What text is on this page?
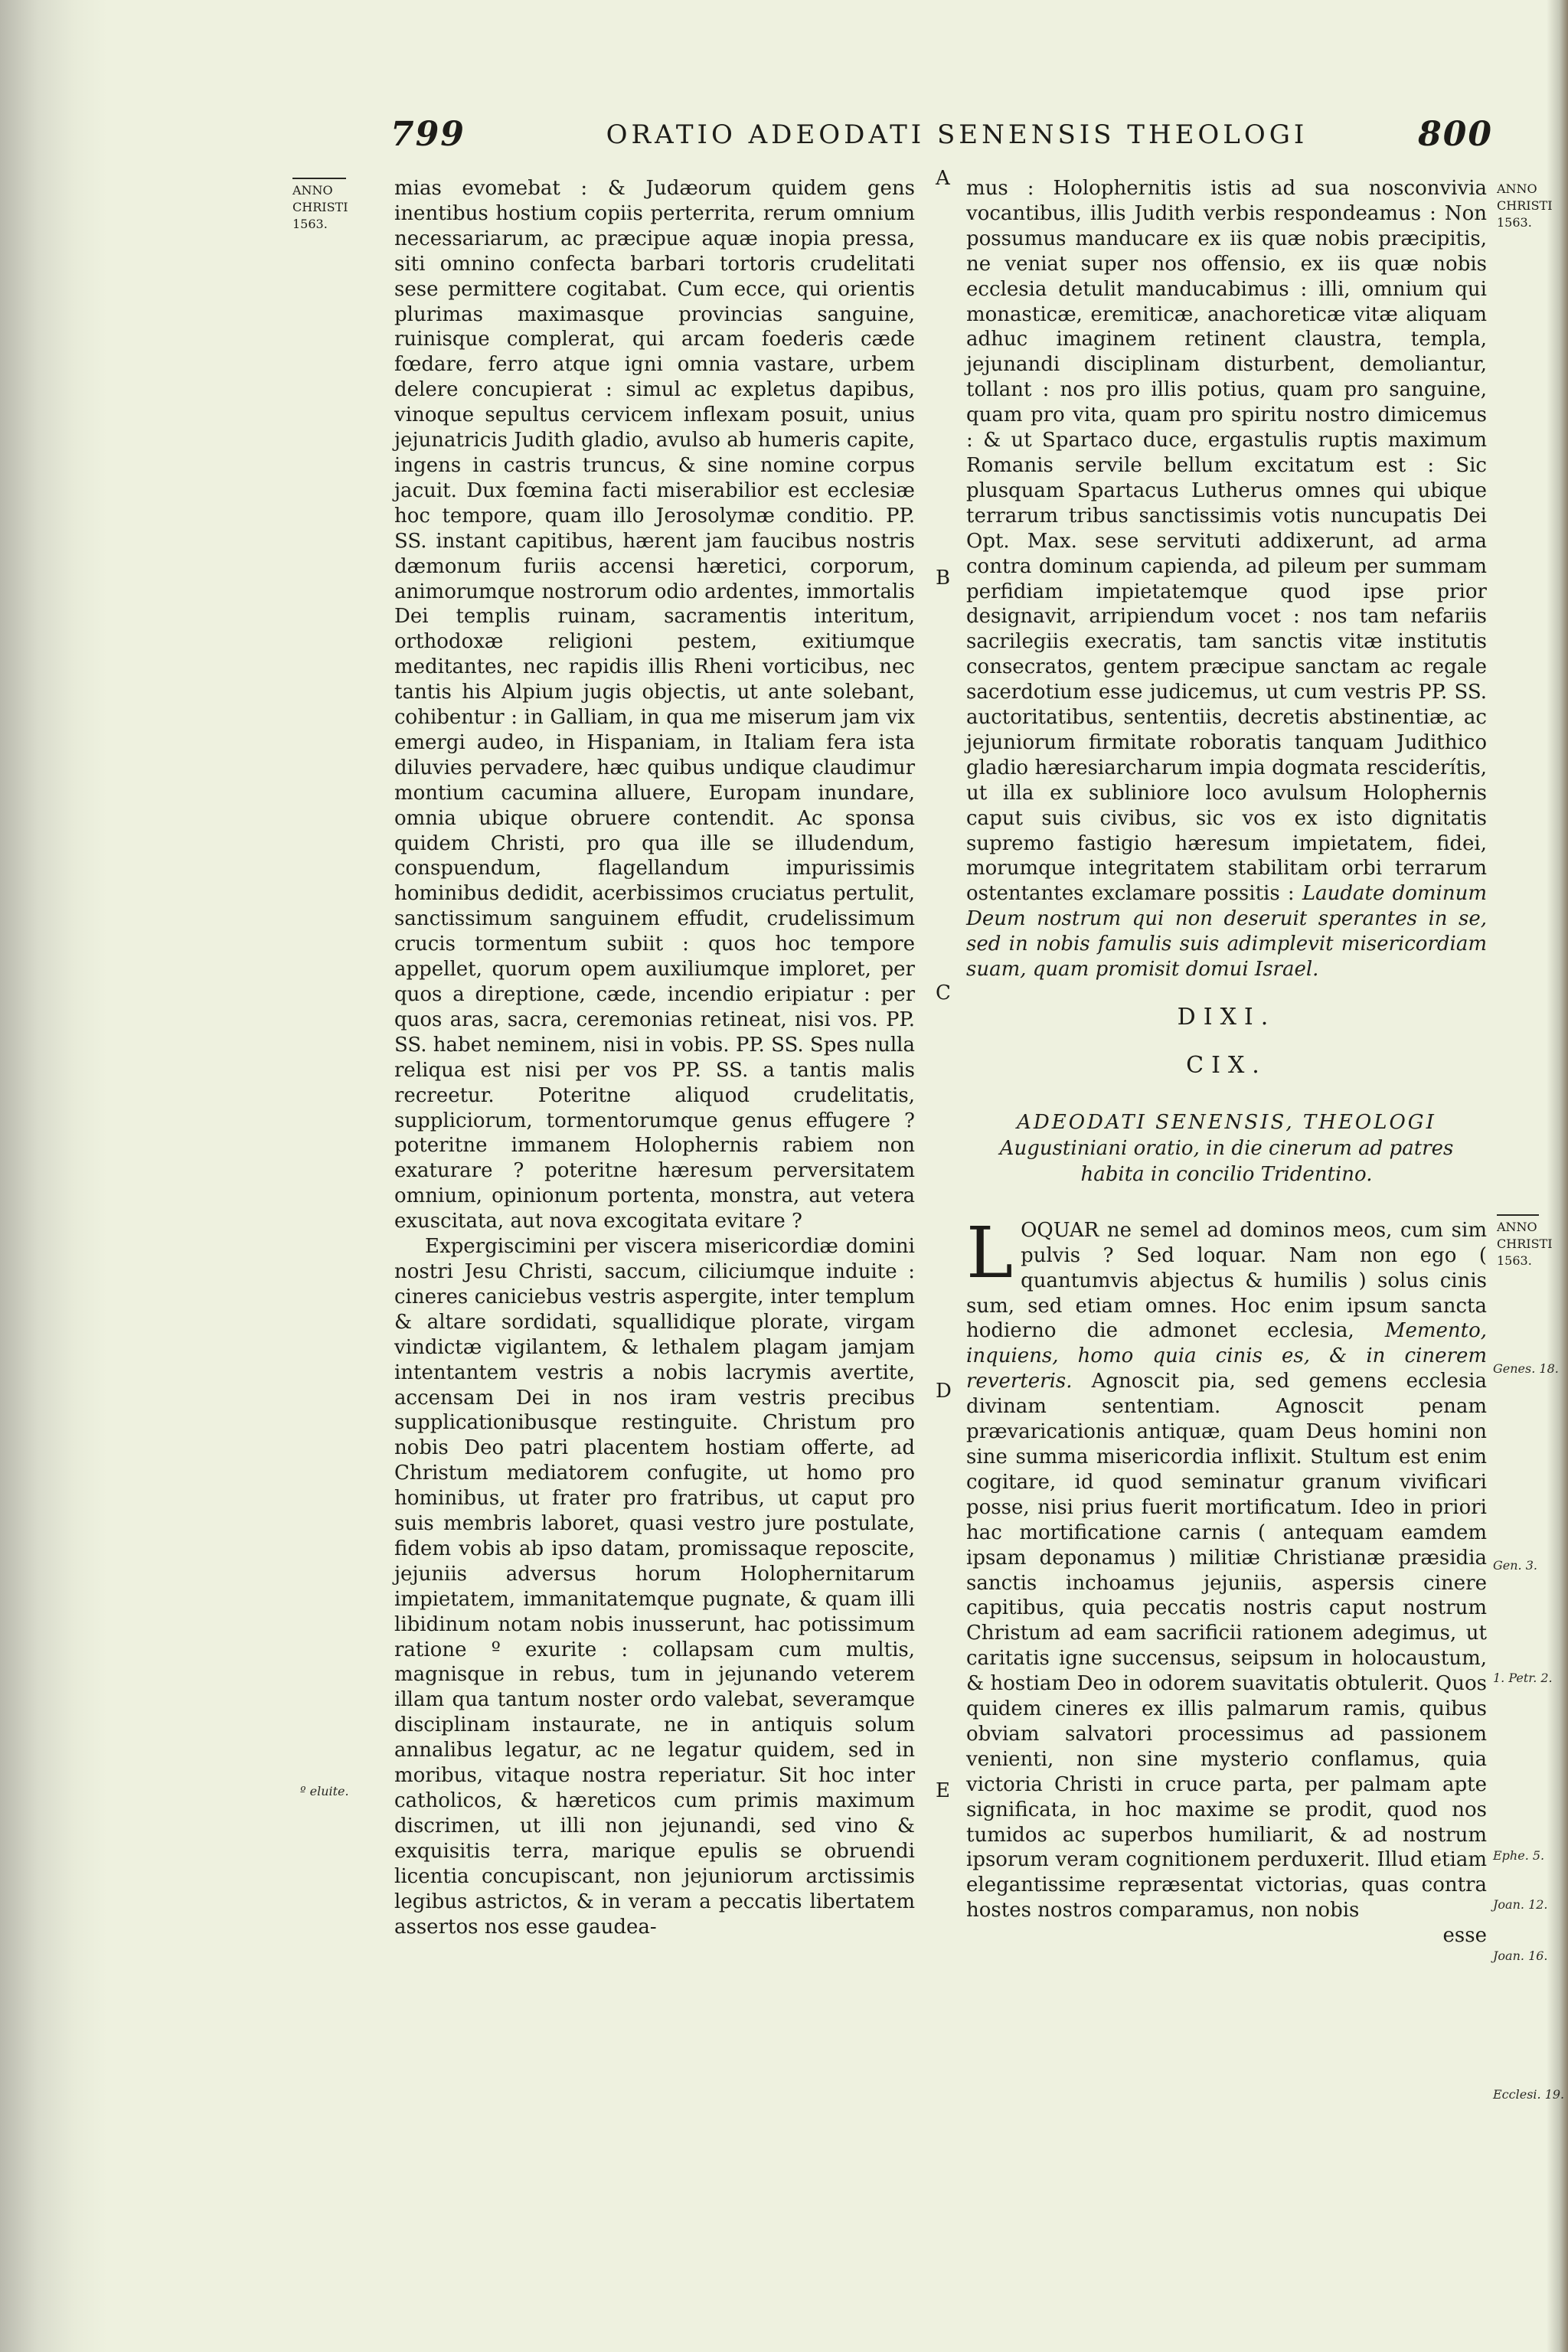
799	ORATIO ADEODATI SENENSIS THEOLOGI	800
ANNO CHRISTI 1563.
º eluite.
A
B
C
D
E

mias evomebat : & Judæorum quidem gens inentibus hostium copiis perterrita, rerum omnium necessariarum, ac præcipue aquæ inopia pressa, siti omnino confecta barbari tortoris crudelitati sese permittere cogitabat. Cum ecce, qui orientis plurimas maximasque provincias sanguine, ruinisque complerat, qui arcam foederis cæde fœdare, ferro atque igni omnia vastare, urbem delere concupierat : simul ac expletus dapibus, vinoque sepultus cervicem inflexam posuit, unius jejunatricis Judith gladio, avulso ab humeris capite, ingens in castris truncus, & sine nomine corpus jacuit. Dux fœmina facti miserabilior est ecclesiæ hoc tempore, quam illo Jerosolymæ conditio. PP. SS. instant capitibus, hærent jam faucibus nostris dæmonum furiis accensi hæretici, corporum, animorumque nostrorum odio ardentes, immortalis Dei templis ruinam, sacramentis interitum, orthodoxæ religioni pestem, exitiumque meditantes, nec rapidis illis Rheni vorticibus, nec tantis his Alpium jugis objectis, ut ante solebant, cohibentur : in Galliam, in qua me miserum jam vix emergi audeo, in Hispaniam, in Italiam fera ista diluvies pervadere, hæc quibus undique claudimur montium cacumina alluere, Europam inundare, omnia ubique obruere contendit. Ac sponsa quidem Christi, pro qua ille se illudendum, conspuendum, flagellandum impurissimis hominibus dedidit, acerbissimos cruciatus pertulit, sanctissimum sanguinem effudit, crudelissimum crucis tormentum subiit : quos hoc tempore appellet, quorum opem auxiliumque imploret, per quos a direptione, cæde, incendio eripiatur : per quos aras, sacra, ceremonias retineat, nisi vos. PP. SS. habet neminem, nisi in vobis. PP. SS. Spes nulla reliqua est nisi per vos PP. SS. a tantis malis recreetur. Poteritne aliquod crudelitatis, suppliciorum, tormentorumque genus effugere ? poteritne immanem Holophernis rabiem non exaturare ? poteritne hæresum perversitatem omnium, opinionum portenta, monstra, aut vetera exuscitata, aut nova excogitata evitare ?

Expergiscimini per viscera misericordiæ domini nostri Jesu Christi, saccum, ciliciumque induite : cineres caniciebus vestris aspergite, inter templum & altare sordidati, squallidique plorate, virgam vindictæ vigilantem, & lethalem plagam jamjam intentantem vestris a nobis lacrymis avertite, accensam Dei in nos iram vestris precibus supplicationibusque restinguite. Christum pro nobis Deo patri placentem hostiam offerte, ad Christum mediatorem confugite, ut homo pro hominibus, ut frater pro fratribus, ut caput pro suis membris laboret, quasi vestro jure postulate, fidem vobis ab ipso datam, promissaque reposcite, jejuniis adversus horum Holophernitarum impietatem, immanitatemque pugnate, & quam illi libidinum notam nobis inusserunt, hac potissimum ratione º exurite : collapsam cum multis, magnisque in rebus, tum in jejunando veterem illam qua tantum noster ordo valebat, severamque disciplinam instaurate, ne in antiquis solum annalibus legatur, ac ne legatur quidem, sed in moribus, vitaque nostra reperiatur. Sit hoc inter catholicos, & hæreticos cum primis maximum discrimen, ut illi non jejunandi, sed vino & exquisitis terra, marique epulis se obruendi licentia concupiscant, non jejuniorum arctissimis legibus astrictos, & in veram a peccatis libertatem assertos nos esse gaudea-

mus : Holophernitis istis ad sua nosconvivia vocantibus, illis Judith verbis respondeamus : Non possumus manducare ex iis quæ nobis præcipitis, ne veniat super nos offensio, ex iis quæ nobis ecclesia detulit manducabimus : illi, omnium qui monasticæ, eremiticæ, anachoreticæ vitæ aliquam adhuc imaginem retinent claustra, templa, jejunandi disciplinam disturbent, demoliantur, tollant : nos pro illis potius, quam pro sanguine, quam pro vita, quam pro spiritu nostro dimicemus : & ut Spartaco duce, ergastulis ruptis maximum Romanis servile bellum excitatum est : Sic plusquam Spartacus Lutherus omnes qui ubique terrarum tribus sanctissimis votis nuncupatis Dei Opt. Max. sese servituti addixerunt, ad arma contra dominum capienda, ad pileum per summam perfidiam impietatemque quod ipse prior designavit, arripiendum vocet : nos tam nefariis sacrilegiis execratis, tam sanctis vitæ institutis consecratos, gentem præcipue sanctam ac regale sacerdotium esse judicemus, ut cum vestris PP. SS. auctoritatibus, sententiis, decretis abstinentiæ, ac jejuniorum firmitate roboratis tanquam Judithico gladio hæresiarcharum impia dogmata resciderítis, ut illa ex subliniore loco avulsum Holophernis caput suis civibus, sic vos ex isto dignitatis supremo fastigio hæresum impietatem, fidei, morumque integritatem stabilitam orbi terrarum ostentantes exclamare possitis : Laudate dominum Deum nostrum qui non deseruit sperantes in se, sed in nobis famulis suis adimplevit misericordiam suam, quam promisit domui Israel.

DIXI.
CIX.
ADEODATI SENENSIS, THEOLOGI
Augustiniani oratio, in die cinerum ad patres habita in concilio Tridentino.

LOQUAR ne semel ad dominos meos, cum sim pulvis ? Sed loquar. Nam non ego ( quantumvis abjectus & humilis ) solus cinis sum, sed etiam omnes. Hoc enim ipsum sancta hodierno die admonet ecclesia, Memento, inquiens, homo quia cinis es, & in cinerem reverteris. Agnoscit pia, sed gemens ecclesia divinam sententiam. Agnoscit penam prævaricationis antiquæ, quam Deus homini non sine summa misericordia inflixit. Stultum est enim cogitare, id quod seminatur granum vivificari posse, nisi prius fuerit mortificatum. Ideo in priori hac mortificatione carnis ( antequam eamdem ipsam deponamus ) militiæ Christianæ præsidia sanctis inchoamus jejuniis, aspersis cinere capitibus, quia peccatis nostris caput nostrum Christum ad eam sacrificii rationem adegimus, ut caritatis igne succensus, seipsum in holocaustum, & hostiam Deo in odorem suavitatis obtulerit. Quos quidem cineres ex illis palmarum ramis, quibus obviam salvatori processimus ad passionem venienti, non sine mysterio conflamus, quia victoria Christi in cruce parta, per palmam apte significata, in hoc maxime se prodit, quod nos tumidos ac superbos humiliarit, & ad nostrum ipsorum veram cognitionem perduxerit. Illud etiam elegantissime repræsentat victorias, quas contra hostes nostros comparamus, non nobis

esse

ANNO CHRISTI 1563.
ANNO CHRISTI 1563.
Genes. 18.
Gen. 3.
1. Petr. 2.
Ephe. 5.
Joan. 12.
Joan. 16.
Ecclesi. 19.
